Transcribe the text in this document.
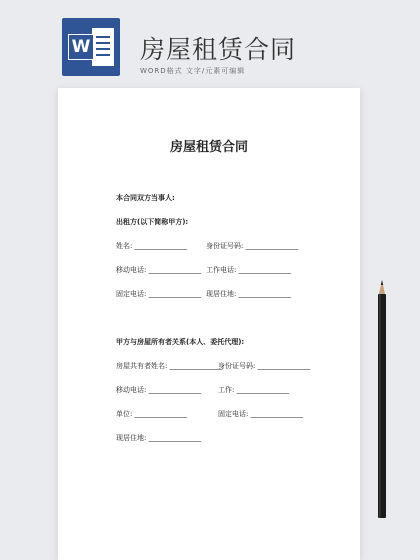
W 房屋租赁合同
WORD格式 文字/元素可编辑
房屋租赁合同
本合同双方当事人:
出租方(以下简称甲方):
姓名: _______________	身份证号码: _______________
移动电话: _______________ 工作电话: _______________
固定电话: _______________ 现居住地: _______________
甲方与房屋所有者关系(本人、委托代理):
房屋共有者姓名: _______________
身份证号码: _______________
移动电话: _______________ 工作: _______________
单位: _______________	固定电话: _______________
现居住地: _______________
